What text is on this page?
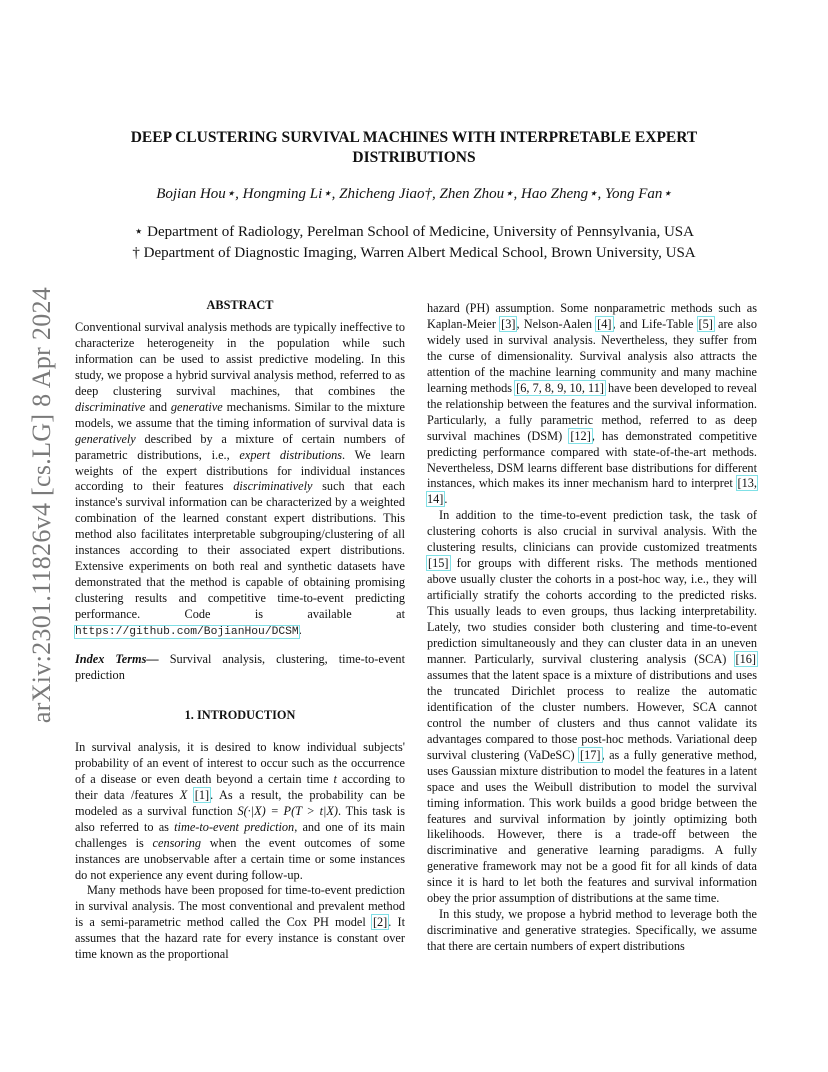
arXiv:2301.11826v4 [cs.LG] 8 Apr 2024
DEEP CLUSTERING SURVIVAL MACHINES WITH INTERPRETABLE EXPERT
DISTRIBUTIONS
Bojian Hou⋆, Hongming Li⋆, Zhicheng Jiao†, Zhen Zhou⋆, Hao Zheng⋆, Yong Fan⋆
⋆ Department of Radiology, Perelman School of Medicine, University of Pennsylvania, USA
† Department of Diagnostic Imaging, Warren Albert Medical School, Brown University, USA
ABSTRACT

Conventional survival analysis methods are typically ineffective to characterize heterogeneity in the population while such information can be used to assist predictive modeling. In this study, we propose a hybrid survival analysis method, referred to as deep clustering survival machines, that combines the discriminative and generative mechanisms. Similar to the mixture models, we assume that the timing information of survival data is generatively described by a mixture of certain numbers of parametric distributions, i.e., expert distributions. We learn weights of the expert distributions for individual instances according to their features discriminatively such that each instance's survival information can be characterized by a weighted combination of the learned constant expert distributions. This method also facilitates interpretable subgrouping/clustering of all instances according to their associated expert distributions. Extensive experiments on both real and synthetic datasets have demonstrated that the method is capable of obtaining promising clustering results and competitive time-to-event predicting performance. Code is available at https://github.com/BojianHou/DCSM.

Index Terms— Survival analysis, clustering, time-to-event prediction

1. INTRODUCTION

In survival analysis, it is desired to know individual subjects' probability of an event of interest to occur such as the occurrence of a disease or even death beyond a certain time t according to their data /features X [1]. As a result, the probability can be modeled as a survival function S(·|X) = P(T > t|X). This task is also referred to as time-to-event prediction, and one of its main challenges is censoring when the event outcomes of some instances are unobservable after a certain time or some instances do not experience any event during follow-up.

Many methods have been proposed for time-to-event prediction in survival analysis. The most conventional and prevalent method is a semi-parametric method called the Cox PH model [2]. It assumes that the hazard rate for every instance is constant over time known as the proportional

hazard (PH) assumption. Some nonparametric methods such as Kaplan-Meier [3], Nelson-Aalen [4], and Life-Table [5] are also widely used in survival analysis. Nevertheless, they suffer from the curse of dimensionality. Survival analysis also attracts the attention of the machine learning community and many machine learning methods [6, 7, 8, 9, 10, 11] have been developed to reveal the relationship between the features and the survival information. Particularly, a fully parametric method, referred to as deep survival machines (DSM) [12], has demonstrated competitive predicting performance compared with state-of-the-art methods. Nevertheless, DSM learns different base distributions for different instances, which makes its inner mechanism hard to interpret [13, 14].

In addition to the time-to-event prediction task, the task of clustering cohorts is also crucial in survival analysis. With the clustering results, clinicians can provide customized treatments [15] for groups with different risks. The methods mentioned above usually cluster the cohorts in a post-hoc way, i.e., they will artificially stratify the cohorts according to the predicted risks. This usually leads to even groups, thus lacking interpretability. Lately, two studies consider both clustering and time-to-event prediction simultaneously and they can cluster data in an uneven manner. Particularly, survival clustering analysis (SCA) [16] assumes that the latent space is a mixture of distributions and uses the truncated Dirichlet process to realize the automatic identification of the cluster numbers. However, SCA cannot control the number of clusters and thus cannot validate its advantages compared to those post-hoc methods. Variational deep survival clustering (VaDeSC) [17], as a fully generative method, uses Gaussian mixture distribution to model the features in a latent space and uses the Weibull distribution to model the survival timing information. This work builds a good bridge between the features and survival information by jointly optimizing both likelihoods. However, there is a trade-off between the discriminative and generative learning paradigms. A fully generative framework may not be a good fit for all kinds of data since it is hard to let both the features and survival information obey the prior assumption of distributions at the same time.

In this study, we propose a hybrid method to leverage both the discriminative and generative strategies. Specifically, we assume that there are certain numbers of expert distributions
